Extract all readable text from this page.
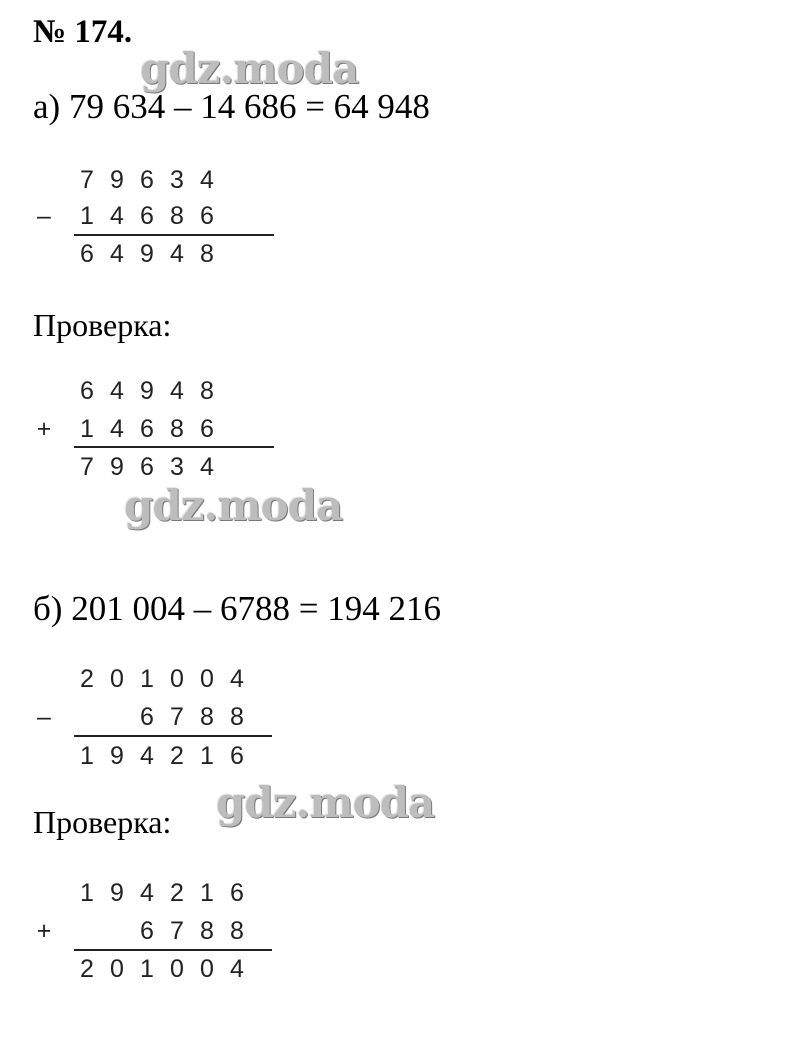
№ 174.
gdz.moda
а) 79 634 – 14 686 = 64 948
7 9 6 3 4
–	1 4 6 8 6
6 4 9 4 8
Проверка:
6 4 9 4 8
+	1 4 6 8 6
7 9 6 3 4
gdz.moda
б) 201 004 – 6788 = 194 216
2 0 1 0 0 4
–	6 7 8 8
1 9 4 2 1 6
Проверка: gdz.moda
1 9 4 2 1 6
+	6 7 8 8
2 0 1 0 0 4
